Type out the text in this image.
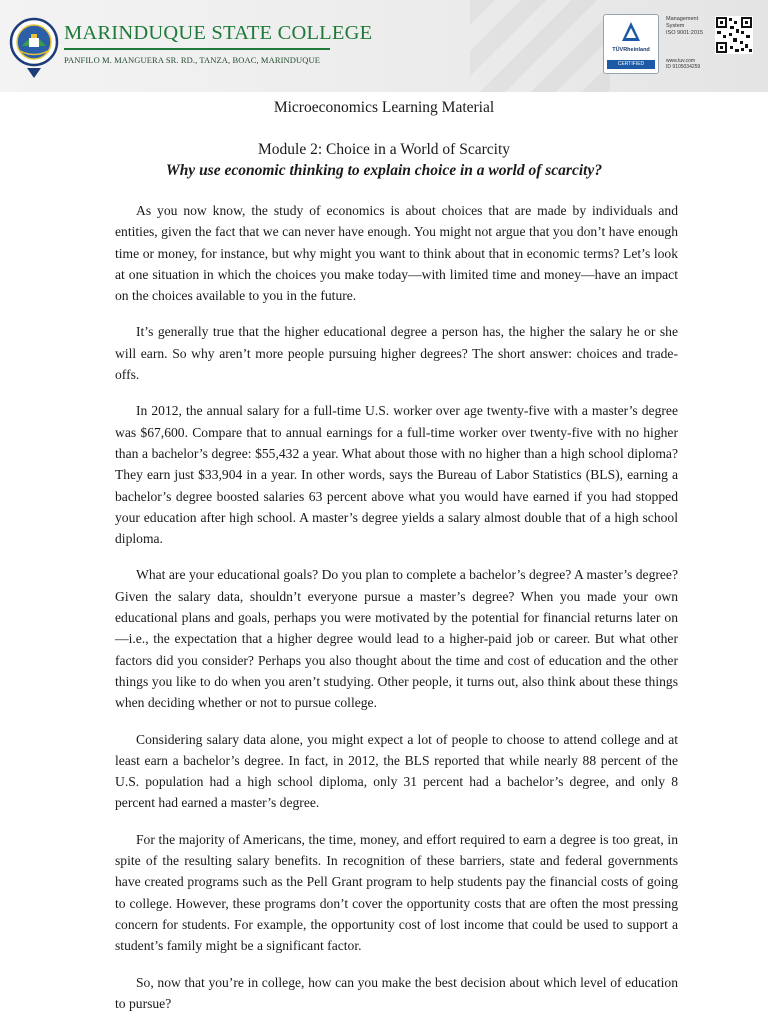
MARINDUQUE STATE COLLEGE
PANFILO M. MANGUERA SR. RD., TANZA, BOAC, MARINDUQUE
TÜVRheinland
CERTIFIED
Management
System
ISO 9001:2015
www.tuv.com
ID 9105034259
Microeconomics Learning Material
Module 2: Choice in a World of Scarcity
Why use economic thinking to explain choice in a world of scarcity?

As you now know, the study of economics is about choices that are made by individuals and entities, given the fact that we can never have enough. You might not argue that you don’t have enough time or money, for instance, but why might you want to think about that in economic terms? Let’s look at one situation in which the choices you make today—with limited time and money—have an impact on the choices available to you in the future.

It’s generally true that the higher educational degree a person has, the higher the salary he or she will earn. So why aren’t more people pursuing higher degrees? The short answer: choices and trade-offs.

In 2012, the annual salary for a full-time U.S. worker over age twenty-five with a master’s degree was $67,600. Compare that to annual earnings for a full-time worker over twenty-five with no higher than a bachelor’s degree: $55,432 a year. What about those with no higher than a high school diploma? They earn just $33,904 in a year. In other words, says the Bureau of Labor Statistics (BLS), earning a bachelor’s degree boosted salaries 63 percent above what you would have earned if you had stopped your education after high school. A master’s degree yields a salary almost double that of a high school diploma.

What are your educational goals? Do you plan to complete a bachelor’s degree? A master’s degree? Given the salary data, shouldn’t everyone pursue a master’s degree? When you made your own educational plans and goals, perhaps you were motivated by the potential for financial returns later on—i.e., the expectation that a higher degree would lead to a higher-paid job or career. But what other factors did you consider? Perhaps you also thought about the time and cost of education and the other things you like to do when you aren’t studying. Other people, it turns out, also think about these things when deciding whether or not to pursue college.

Considering salary data alone, you might expect a lot of people to choose to attend college and at least earn a bachelor’s degree. In fact, in 2012, the BLS reported that while nearly 88 percent of the U.S. population had a high school diploma, only 31 percent had a bachelor’s degree, and only 8 percent had earned a master’s degree.

For the majority of Americans, the time, money, and effort required to earn a degree is too great, in spite of the resulting salary benefits. In recognition of these barriers, state and federal governments have created programs such as the Pell Grant program to help students pay the financial costs of going to college. However, these programs don’t cover the opportunity costs that are often the most pressing concern for students. For example, the opportunity cost of lost income that could be used to support a student’s family might be a significant factor.

So, now that you’re in college, how can you make the best decision about which level of education to pursue?
